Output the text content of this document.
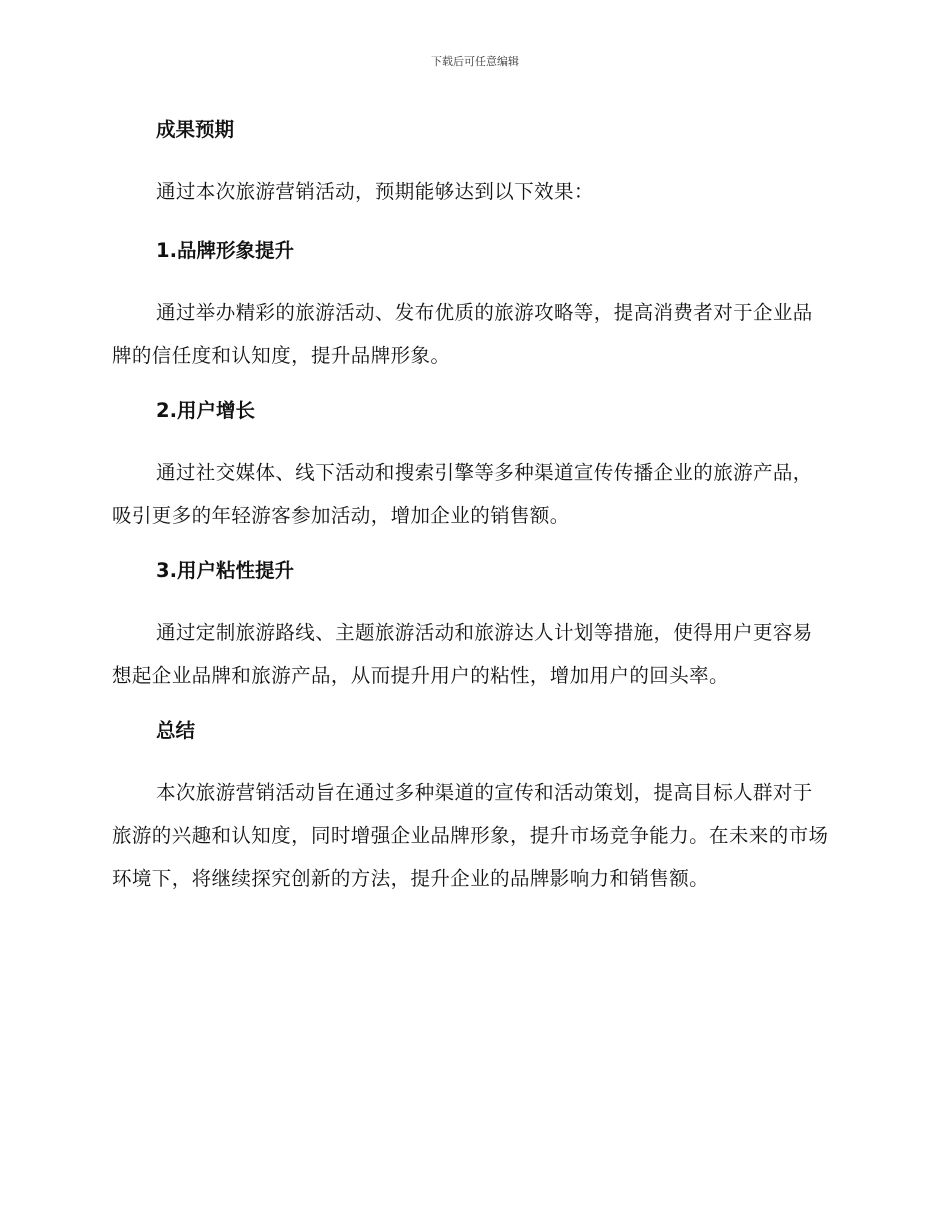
下载后可任意编辑
成果预期
通过本次旅游营销活动，预期能够达到以下效果：
1.品牌形象提升
通过举办精彩的旅游活动、发布优质的旅游攻略等，提高消费者对于企业品牌的信任度和认知度，提升品牌形象。
2.用户增长
通过社交媒体、线下活动和搜索引擎等多种渠道宣传传播企业的旅游产品，吸引更多的年轻游客参加活动，增加企业的销售额。
3.用户粘性提升
通过定制旅游路线、主题旅游活动和旅游达人计划等措施，使得用户更容易想起企业品牌和旅游产品，从而提升用户的粘性，增加用户的回头率。
总结
本次旅游营销活动旨在通过多种渠道的宣传和活动策划，提高目标人群对于旅游的兴趣和认知度，同时增强企业品牌形象，提升市场竞争能力。在未来的市场环境下，将继续探究创新的方法，提升企业的品牌影响力和销售额。
